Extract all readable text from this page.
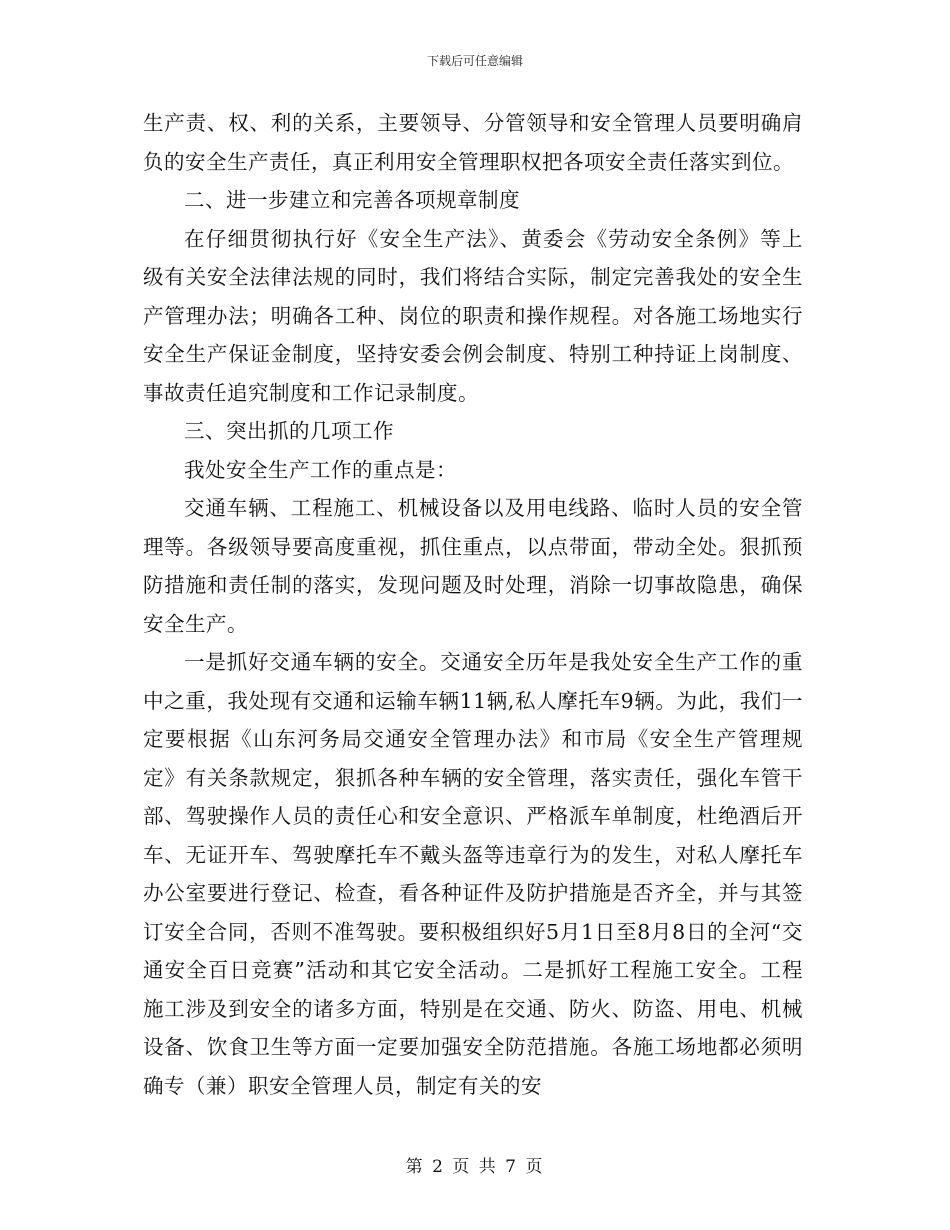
下载后可任意编辑

生产责、权、利的关系，主要领导、分管领导和安全管理人员要明确肩负的安全生产责任，真正利用安全管理职权把各项安全责任落实到位。

二、进一步建立和完善各项规章制度

在仔细贯彻执行好《安全生产法》、黄委会《劳动安全条例》等上级有关安全法律法规的同时，我们将结合实际，制定完善我处的安全生产管理办法；明确各工种、岗位的职责和操作规程。对各施工场地实行安全生产保证金制度，坚持安委会例会制度、特别工种持证上岗制度、事故责任追究制度和工作记录制度。

三、突出抓的几项工作

我处安全生产工作的重点是：

交通车辆、工程施工、机械设备以及用电线路、临时人员的安全管理等。各级领导要高度重视，抓住重点，以点带面，带动全处。狠抓预防措施和责任制的落实，发现问题及时处理，消除一切事故隐患，确保安全生产。

一是抓好交通车辆的安全。交通安全历年是我处安全生产工作的重中之重，我处现有交通和运输车辆11辆,私人摩托车9辆。为此，我们一定要根据《山东河务局交通安全管理办法》和市局《安全生产管理规定》有关条款规定，狠抓各种车辆的安全管理，落实责任，强化车管干部、驾驶操作人员的责任心和安全意识、严格派车单制度，杜绝酒后开车、无证开车、驾驶摩托车不戴头盔等违章行为的发生，对私人摩托车办公室要进行登记、检查，看各种证件及防护措施是否齐全，并与其签订安全合同，否则不准驾驶。要积极组织好5月1日至8月8日的全河“交通安全百日竞赛”活动和其它安全活动。二是抓好工程施工安全。工程施工涉及到安全的诸多方面，特别是在交通、防火、防盗、用电、机械设备、饮食卫生等方面一定要加强安全防范措施。各施工场地都必须明确专（兼）职安全管理人员，制定有关的安

第 2 页 共 7 页
